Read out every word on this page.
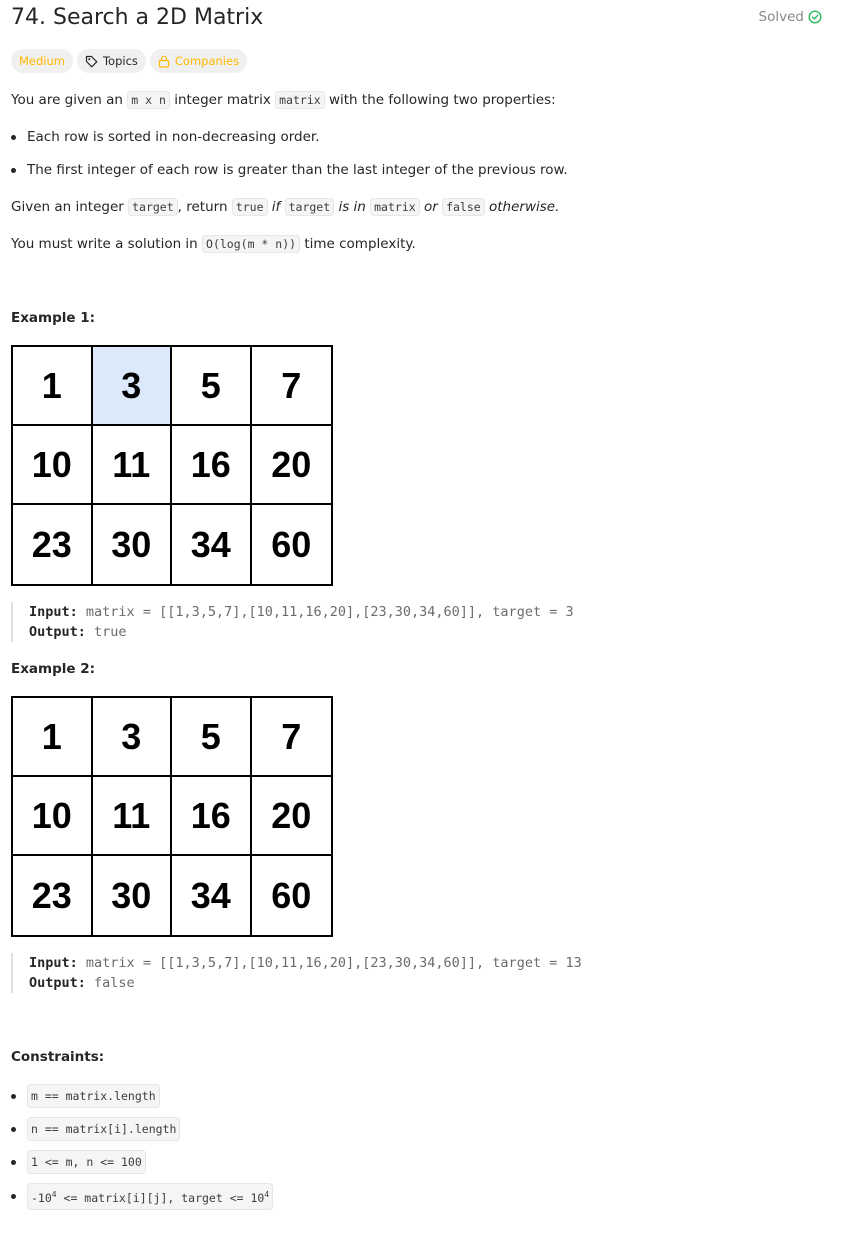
74. Search a 2D Matrix	Solved
Medium	Topics	Companies
You are given an m x n integer matrix matrix with the following two properties:
Each row is sorted in non-decreasing order.
The first integer of each row is greater than the last integer of the previous row.
Given an integer target , return true if target is in matrix or false otherwise.
You must write a solution in O(log(m * n)) time complexity.
Example 1:
1	3	5	7
10	11	16	20
23	30	34	60
Input: matrix = [[1,3,5,7],[10,11,16,20],[23,30,34,60]], target = 3
Output: true
Example 2:
1	3	5	7
10	11	16	20
23	30	34	60
Input: matrix = [[1,3,5,7],[10,11,16,20],[23,30,34,60]], target = 13
Output: false
Constraints:
m == matrix.length
n == matrix[i].length
1 <= m, n <= 100
$-10^4$ <= matrix[i][j], target <= $10^4$
